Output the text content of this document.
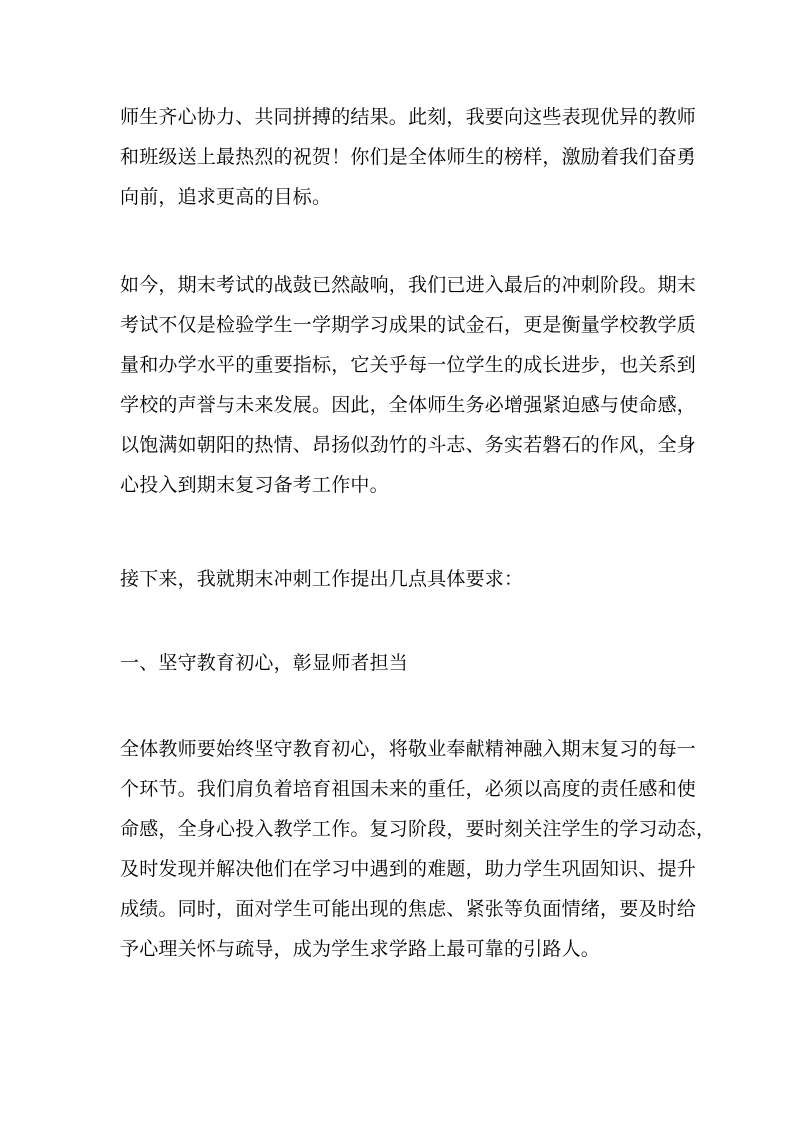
师生齐心协力、共同拼搏的结果。此刻，我要向这些表现优异的教师
和班级送上最热烈的祝贺！你们是全体师生的榜样，激励着我们奋勇
向前，追求更高的目标。

如今，期末考试的战鼓已然敲响，我们已进入最后的冲刺阶段。期末
考试不仅是检验学生一学期学习成果的试金石，更是衡量学校教学质
量和办学水平的重要指标，它关乎每一位学生的成长进步，也关系到
学校的声誉与未来发展。因此，全体师生务必增强紧迫感与使命感，
以饱满如朝阳的热情、昂扬似劲竹的斗志、务实若磐石的作风，全身
心投入到期末复习备考工作中。

接下来，我就期末冲刺工作提出几点具体要求：

一、坚守教育初心，彰显师者担当

全体教师要始终坚守教育初心，将敬业奉献精神融入期末复习的每一
个环节。我们肩负着培育祖国未来的重任，必须以高度的责任感和使
命感，全身心投入教学工作。复习阶段，要时刻关注学生的学习动态，
及时发现并解决他们在学习中遇到的难题，助力学生巩固知识、提升
成绩。同时，面对学生可能出现的焦虑、紧张等负面情绪，要及时给
予心理关怀与疏导，成为学生求学路上最可靠的引路人。
